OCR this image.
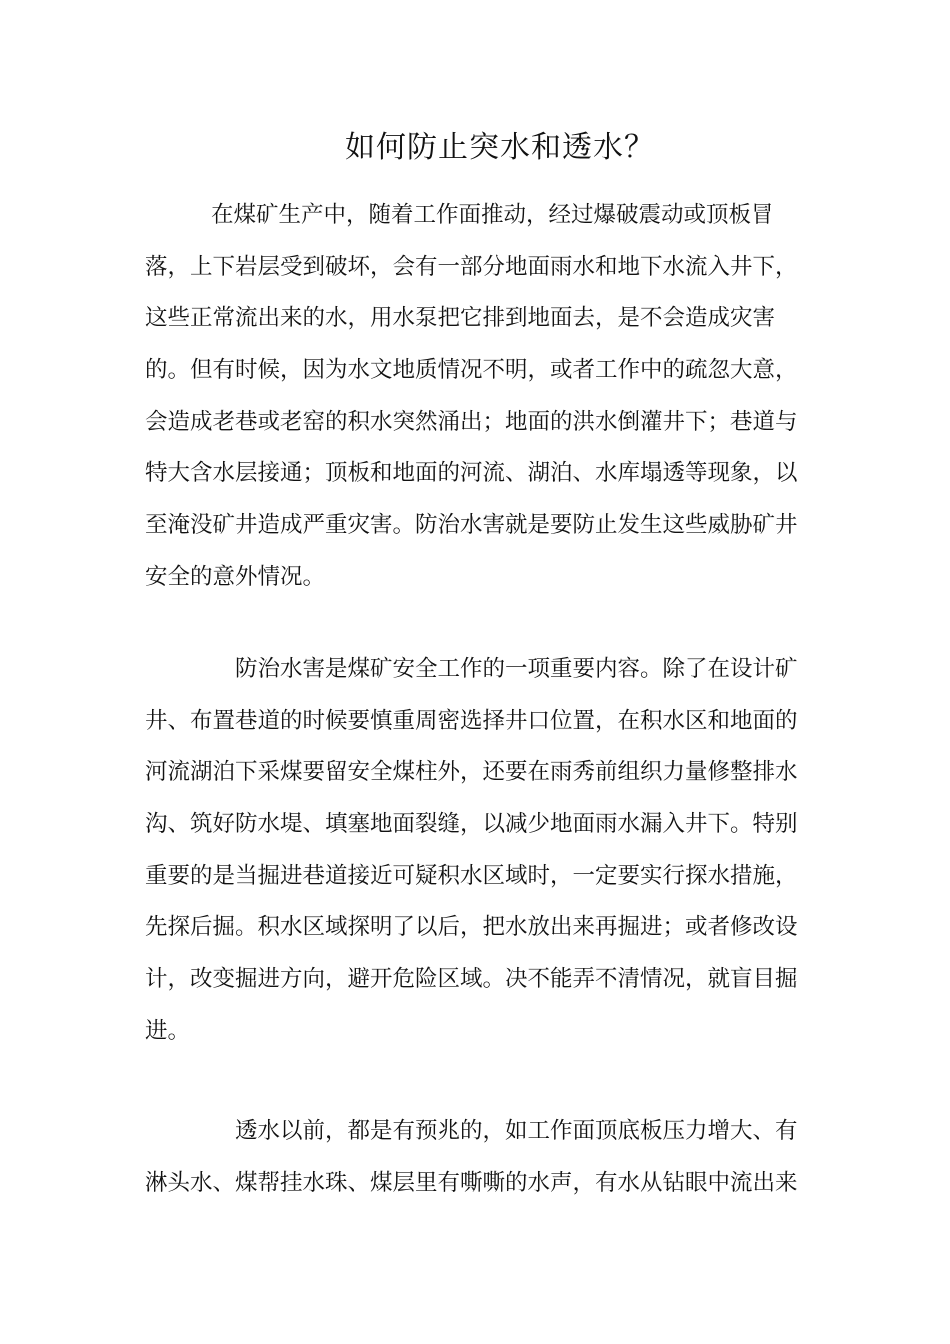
如何防止突水和透水？
在煤矿生产中，随着工作面推动，经过爆破震动或顶板冒
落，上下岩层受到破坏，会有一部分地面雨水和地下水流入井下，
这些正常流出来的水，用水泵把它排到地面去，是不会造成灾害
的。但有时候，因为水文地质情况不明，或者工作中的疏忽大意，
会造成老巷或老窑的积水突然涌出；地面的洪水倒灌井下；巷道与
特大含水层接通；顶板和地面的河流、湖泊、水库塌透等现象，以
至淹没矿井造成严重灾害。防治水害就是要防止发生这些威胁矿井
安全的意外情况。
防治水害是煤矿安全工作的一项重要内容。除了在设计矿
井、布置巷道的时候要慎重周密选择井口位置，在积水区和地面的
河流湖泊下采煤要留安全煤柱外，还要在雨秀前组织力量修整排水
沟、筑好防水堤、填塞地面裂缝，以减少地面雨水漏入井下。特别
重要的是当掘进巷道接近可疑积水区域时，一定要实行探水措施，
先探后掘。积水区域探明了以后，把水放出来再掘进；或者修改设
计，改变掘进方向，避开危险区域。决不能弄不清情况，就盲目掘
进。
透水以前，都是有预兆的，如工作面顶底板压力增大、有
淋头水、煤帮挂水珠、煤层里有嘶嘶的水声，有水从钻眼中流出来
